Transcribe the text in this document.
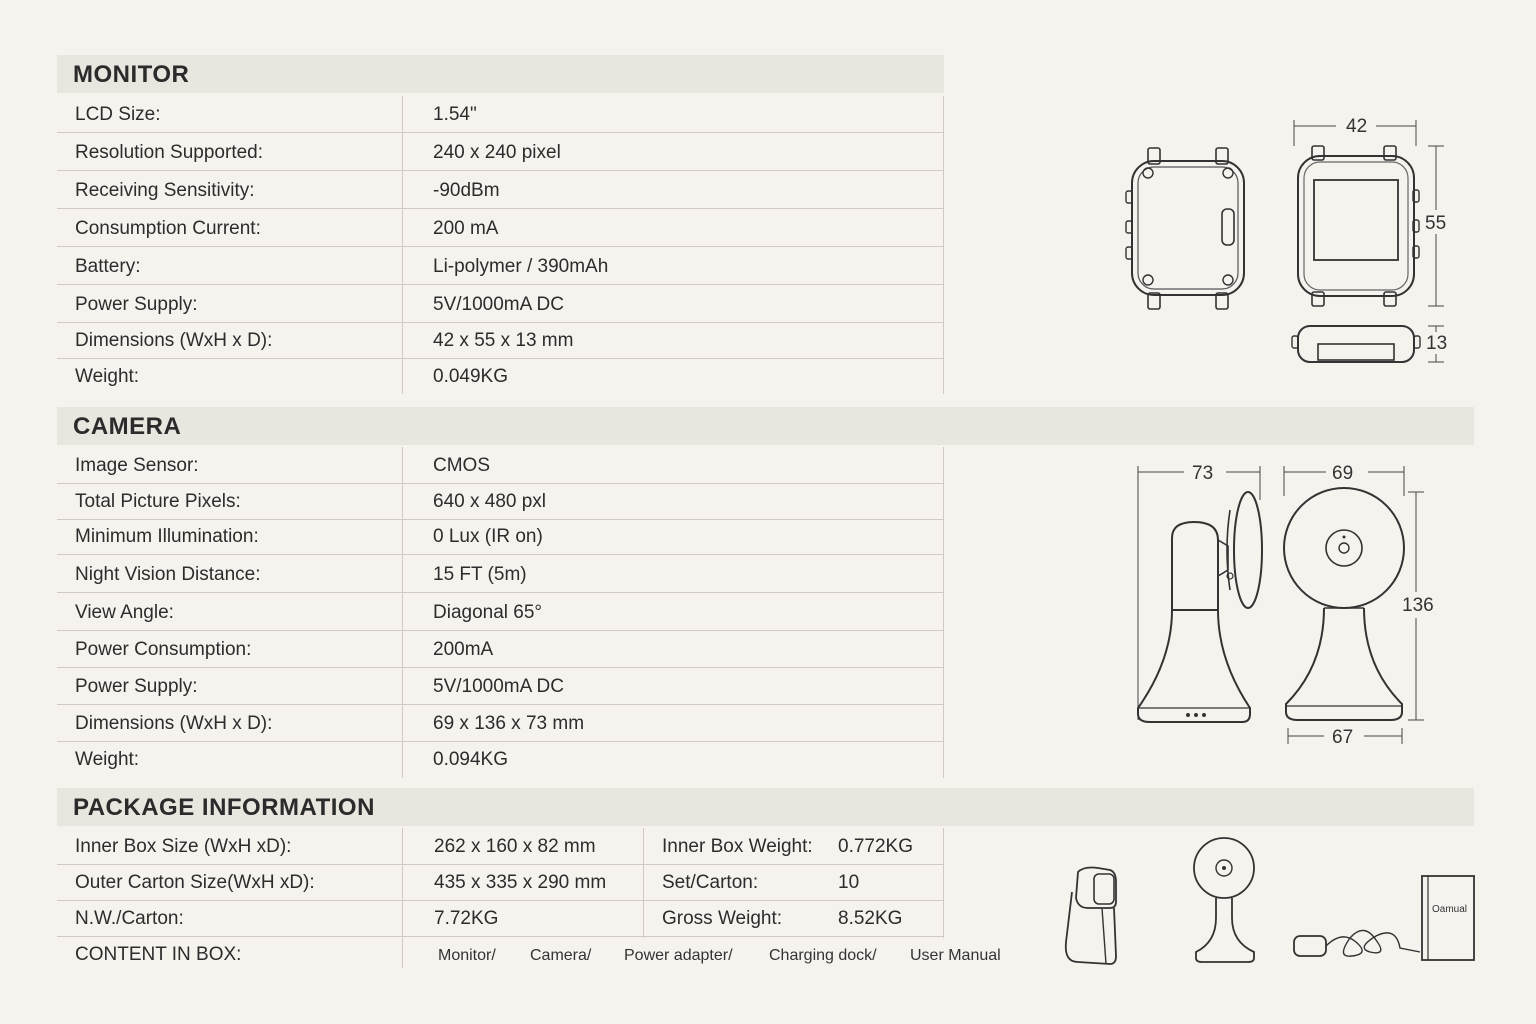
MONITOR
LCD Size:	1.54"
Resolution Supported:	240 x 240 pixel
Receiving Sensitivity:	-90dBm
Consumption Current:	200 mA
Battery:	Li-polymer / 390mAh
Power Supply:	5V/1000mA DC
Dimensions (WxH x D):	42 x 55 x 13 mm
Weight:	0.049KG
42
55
13
CAMERA
Image Sensor:	CMOS
Total Picture Pixels:	640 x 480 pxl
Minimum Illumination:	0 Lux (IR on)
Night Vision Distance:	15 FT (5m)
View Angle:	Diagonal 65°
Power Consumption:	200mA
Power Supply:	5V/1000mA DC
Dimensions (WxH x D):	69 x 136 x 73 mm
Weight:	0.094KG
73	69
136
67
PACKAGE INFORMATION
Inner Box Size (WxH xD):	262 x 160 x 82 mm	Inner Box Weight: 0.772KG
Outer Carton Size(WxH xD):	435 x 335 x 290 mm	Set/Carton:	10
N.W./Carton:	7.72KG	Gross Weight:	8.52KG
CONTENT IN BOX:	Monitor/ Camera/ Power adapter/ Charging dock/ User Manual
Oamual
